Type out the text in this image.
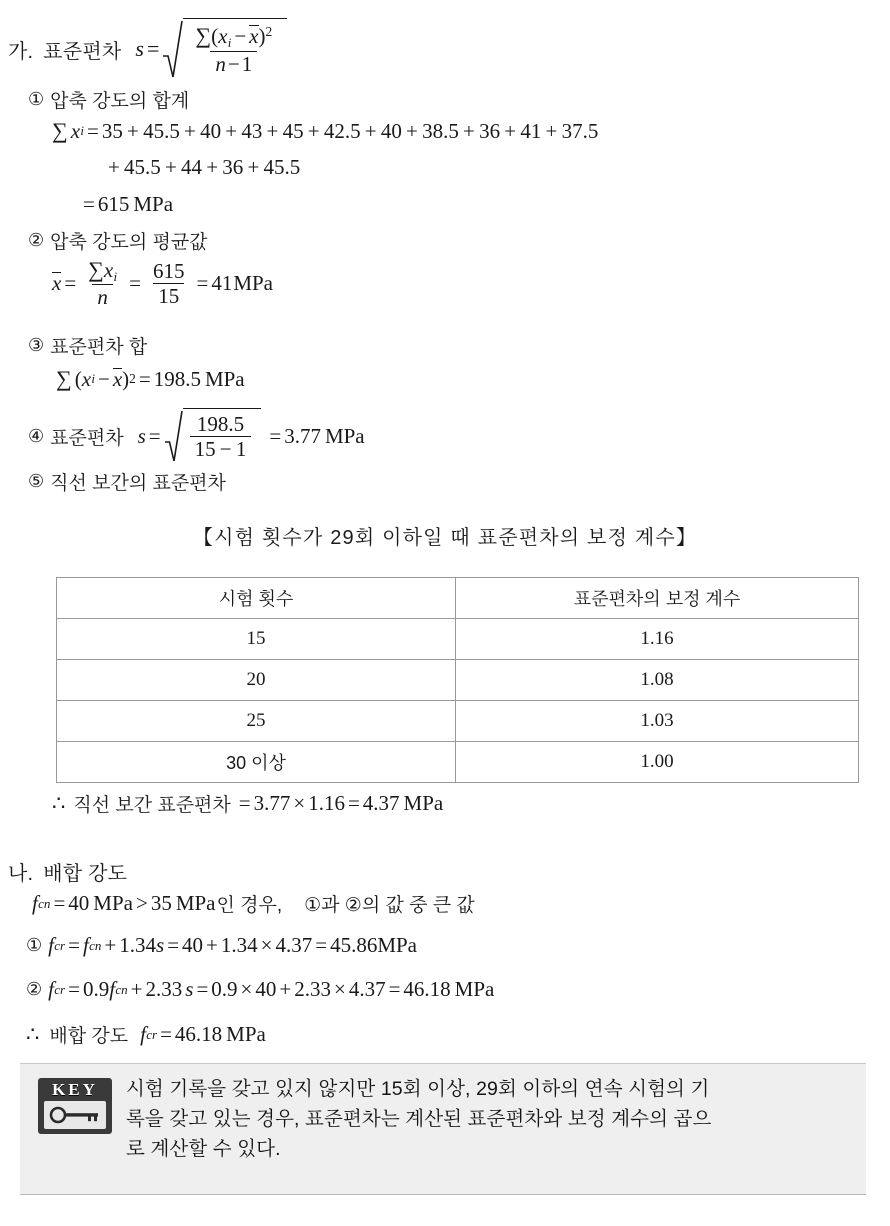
가. 표준편차 $s = \frac{\sum(xi - x)2}{n-1}$
① 압축 강도의 합계
∑ x i = 35 + 45.5 + 40 + 43 + 45 + 42.5 + 40 + 38.5 + 36 + 41 + 37.5
+ 45.5 + 44 + 36 + 45.5
= 615 MPa
② 압축 강도의 평균값
$x = \frac{\sum xi}{n} = \frac{615}{15} = 41$ MPa
③ 표준편차 합
∑ ( x i − x ) 2 = 198.5 MPa
④ 표준편차 $s = \frac{198.5}{15 - 1} = 3.77$ MPa
⑤ 직선 보간의 표준편차
【시험 횟수가 29회 이하일 때 표준편차의 보정 계수】
시험 횟수	표준편차의 보정 계수
15	1.16
20	1.08
25	1.03
30 이상	1.00
∴ 직선 보간 표준편차 = 3.77 × 1.16 = 4.37 MPa
나. 배합 강도
f cn = 40 MPa > 35 MPa 인 경우, ①과 ②의 값 중 큰 값
① f cr = f cn + 1.34 s = 40 + 1.34 × 4.37 = 45.86 MPa
② f cr = 0.9 f cn + 2.33 s = 0.9 × 40 + 2.33 × 4.37 = 46.18 MPa
∴ 배합 강도 f cr = 46.18 MPa
KEY 시험 기록을 갖고 있지 않지만 15회 이상, 29회 이하의 연속 시험의 기

록을 갖고 있는 경우, 표준편차는 계산된 표준편차와 보정 계수의 곱으

로 계산할 수 있다.
